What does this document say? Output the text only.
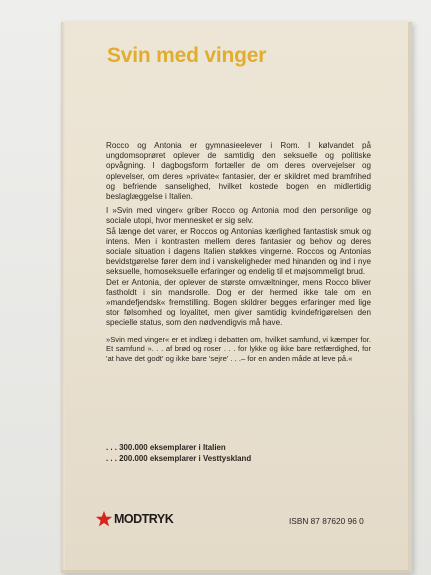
Svin med vinger

Rocco og Antonia er gymnasieelever i Rom. I kølvandet på ungdomsoprøret oplever de samtidig den seksuelle og politiske opvågning. I dagbogsform fortæller de om deres overvejelser og oplevelser, om deres »private« fantasier, der er skildret med bramfrihed og befriende sanselighed, hvilket kostede bogen en midlertidig beslaglæggelse i Italien.

I »Svin med vinger« griber Rocco og Antonia mod den personlige og sociale utopi, hvor mennesket er sig selv.

Så længe det varer, er Roccos og Antonias kærlighed fantastisk smuk og intens. Men i kontrasten mellem deres fantasier og behov og deres sociale situation i dagens Italien støkkes vingerne. Roccos og Antonias bevidstgørelse fører dem ind i vanskeligheder med hinanden og ind i nye seksuelle, homoseksuelle erfaringer og endelig til et møjsommeligt brud.

Det er Antonia, der oplever de største omvæltninger, mens Rocco bliver fastholdt i sin mandsrolle. Dog er der hermed ikke tale om en »mandefjendsk« fremstilling. Bogen skildrer begges erfaringer med lige stor følsomhed og loyalitet, men giver samtidig kvindefrigørelsen den specielle status, som den nødvendigvis må have.

»Svin med vinger« er et indlæg i debatten om, hvilket samfund, vi kæmper for. Et samfund ». . . af brød og roser . . . for lykke og ikke bare retfærdighed, for 'at have det godt' og ikke bare 'sejre' . . .– for en anden måde at leve på.«

. . . 300.000 eksemplarer i Italien
. . . 200.000 eksemplarer i Vesttyskland
MODTRYK	ISBN 87 87620 96 0
